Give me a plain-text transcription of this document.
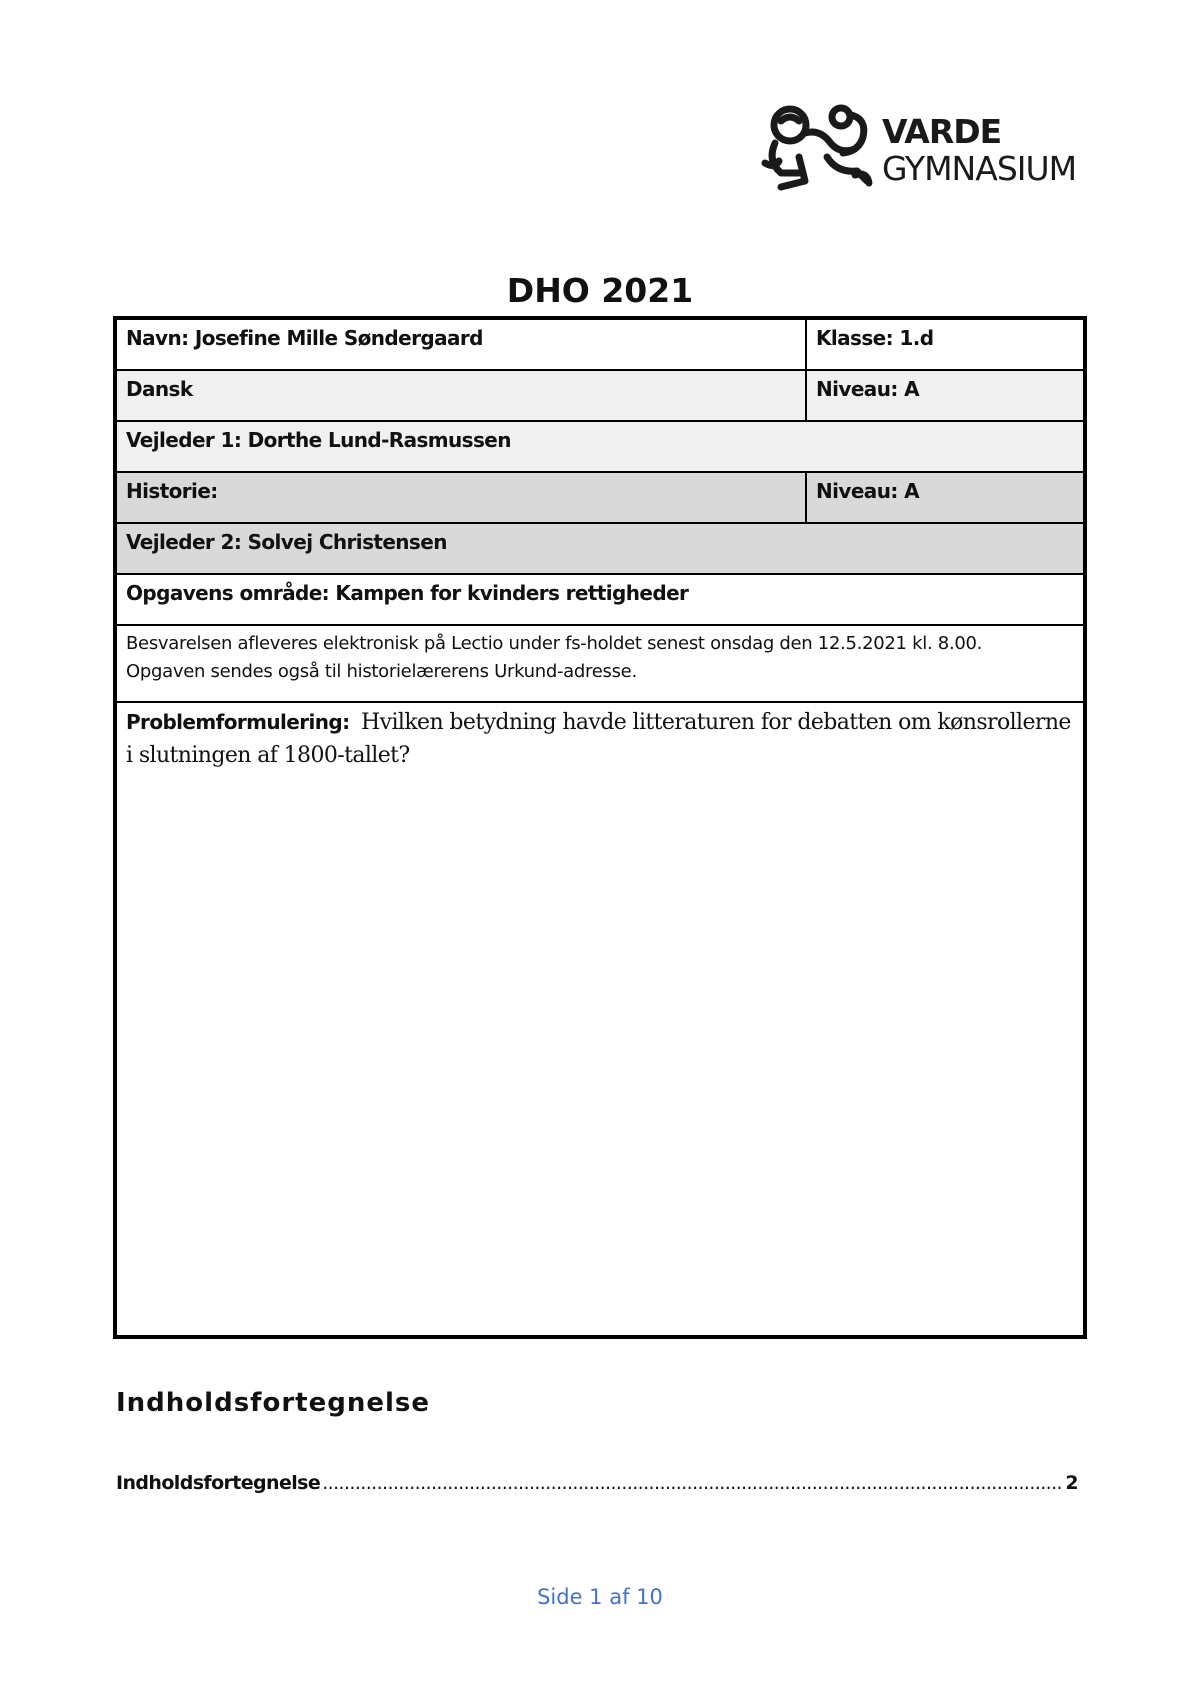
VARDE
GYMNASIUM
DHO 2021
Navn: Josefine Mille Søndergaard	Klasse: 1.d
Dansk	Niveau: A
Vejleder 1: Dorthe Lund-Rasmussen
Historie:	Niveau: A
Vejleder 2: Solvej Christensen
Opgavens område: Kampen for kvinders rettigheder
Besvarelsen afleveres elektronisk på Lectio under fs-holdet senest onsdag den 12.5.2021 kl. 8.00.
Opgaven sendes også til historielærerens Urkund-adresse.
Problemformulering: Hvilken betydning havde litteraturen for debatten om kønsrollerne i slutningen af 1800-tallet?
Indholdsfortegnelse
Indholdsfortegnelse
.....	2
Side 1 af 10
